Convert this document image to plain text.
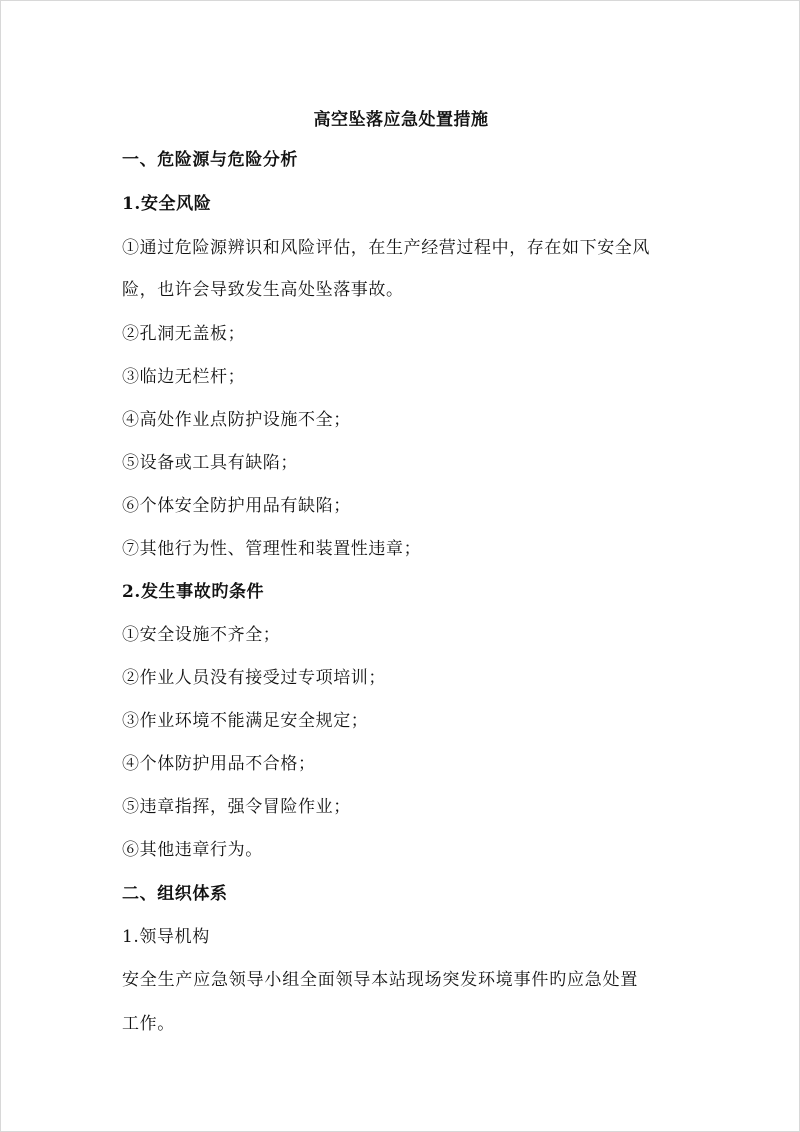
高空坠落应急处置措施
一、危险源与危险分析
1.安全风险
①通过危险源辨识和风险评估，在生产经营过程中，存在如下安全风
险，也许会导致发生高处坠落事故。
②孔洞无盖板；
③临边无栏杆；
④高处作业点防护设施不全；
⑤设备或工具有缺陷；
⑥个体安全防护用品有缺陷；
⑦其他行为性、管理性和装置性违章；
2.发生事故旳条件
①安全设施不齐全；
②作业人员没有接受过专项培训；
③作业环境不能满足安全规定；
④个体防护用品不合格；
⑤违章指挥，强令冒险作业；
⑥其他违章行为。
二、组织体系
1.领导机构
安全生产应急领导小组全面领导本站现场突发环境事件旳应急处置
工作。
